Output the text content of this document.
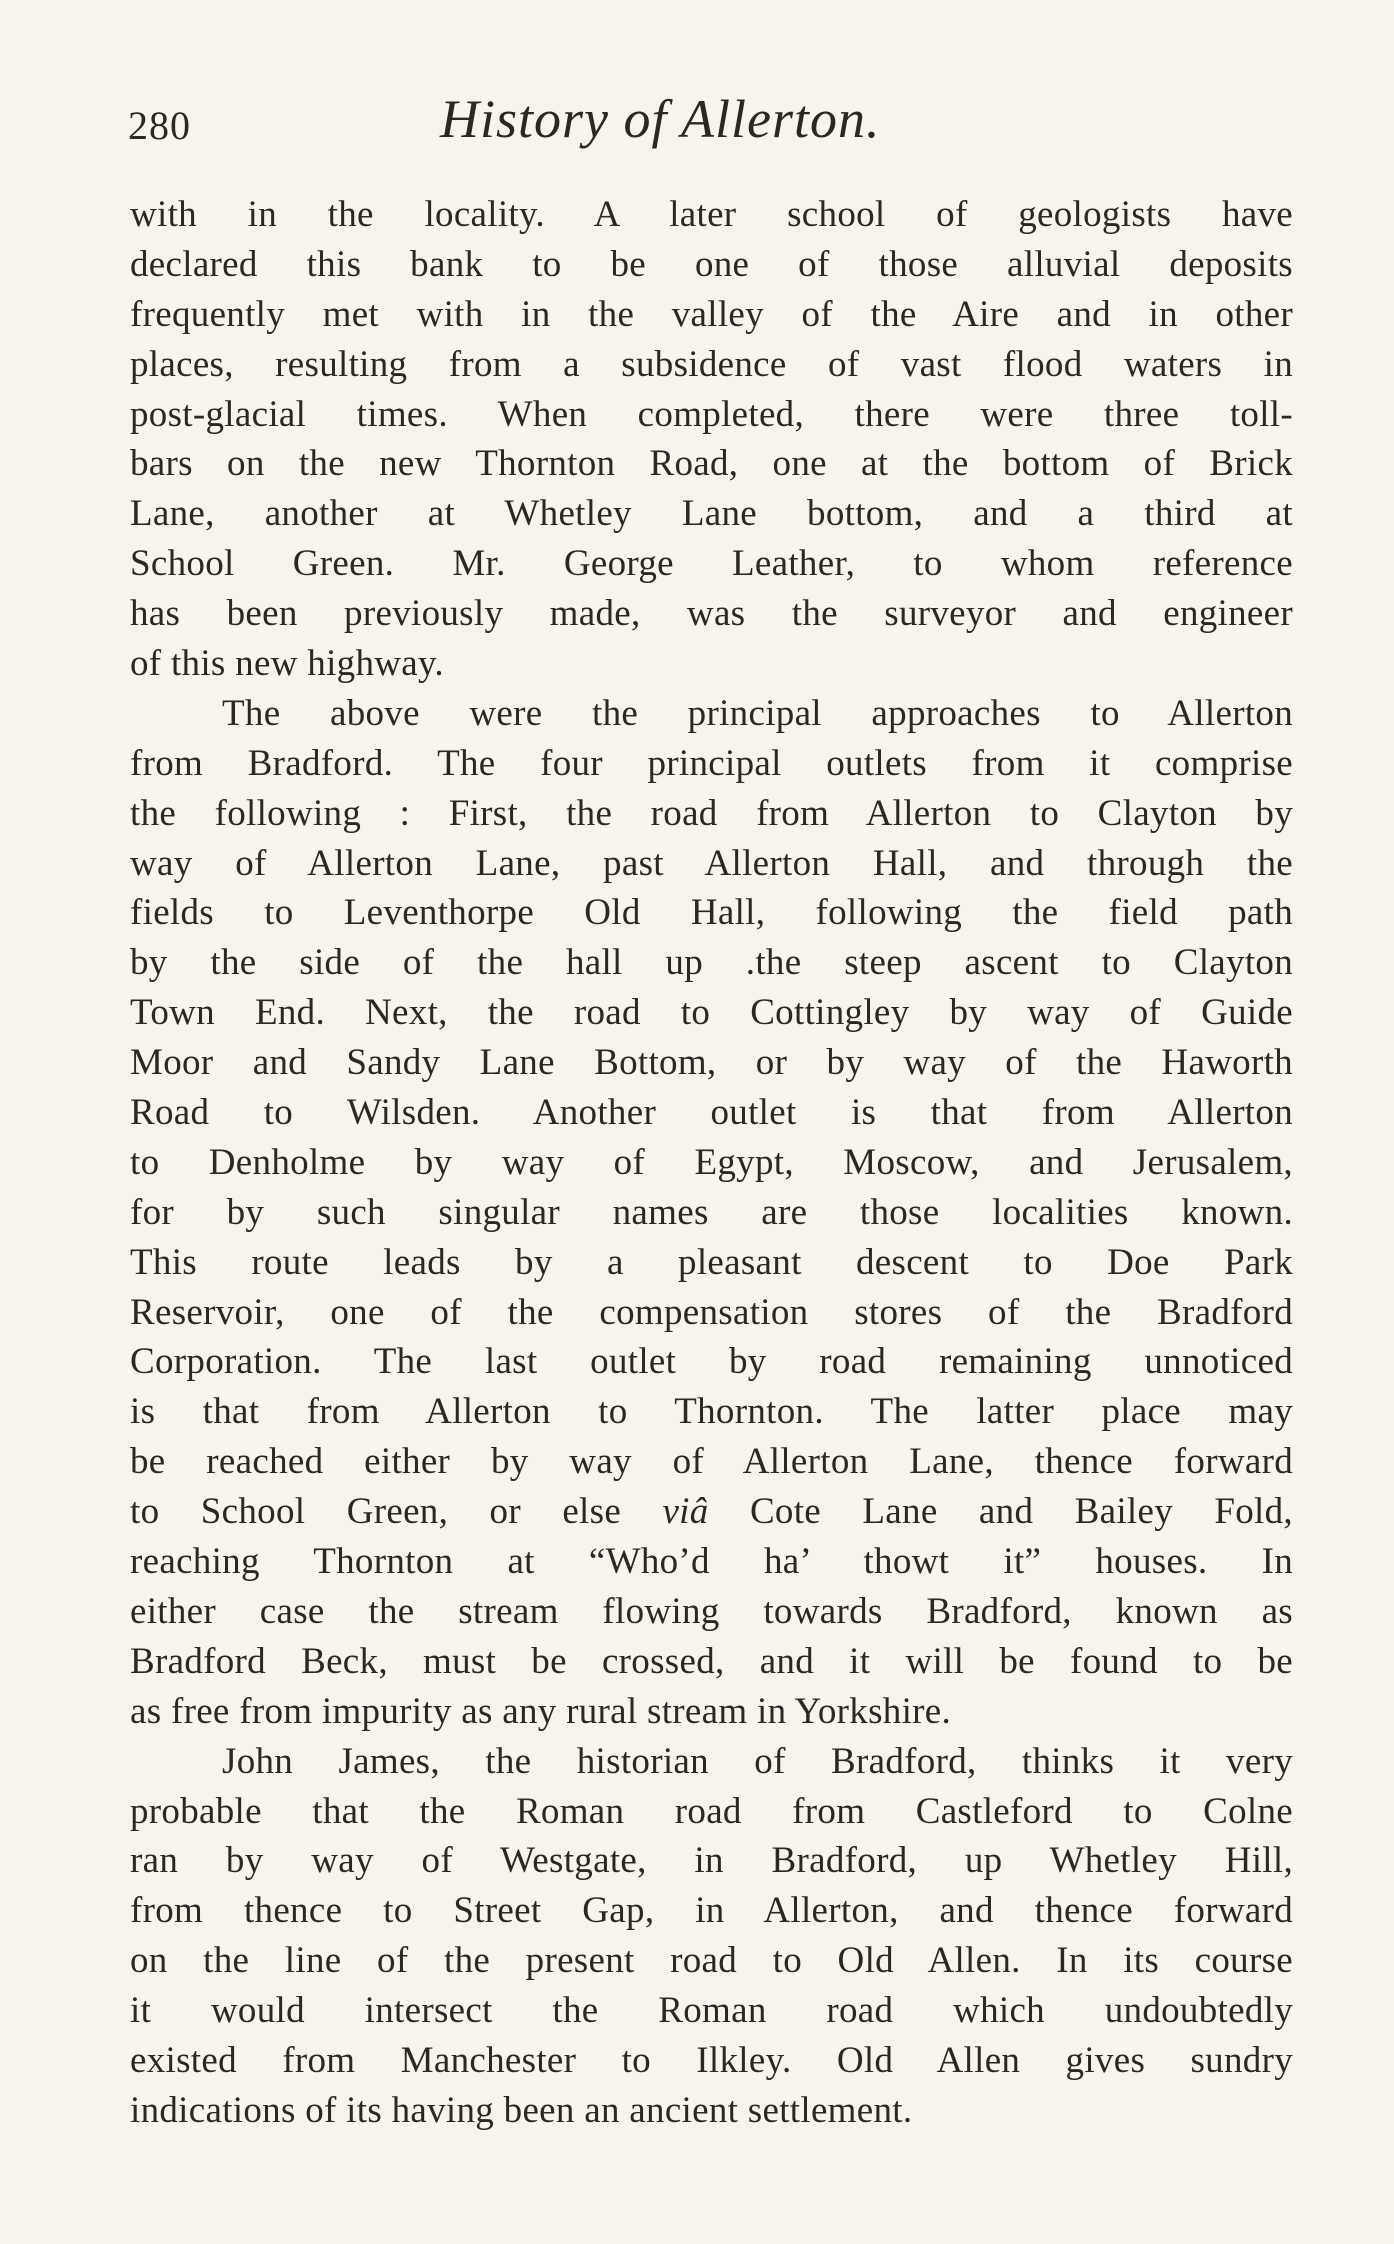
280	History of Allerton.
with in the locality. A later school of geologists have
declared this bank to be one of those alluvial deposits
frequently met with in the valley of the Aire and in other
places, resulting from a subsidence of vast flood waters in
post-glacial times. When completed, there were three toll-
bars on the new Thornton Road, one at the bottom of Brick
Lane, another at Whetley Lane bottom, and a third at
School Green. Mr. George Leather, to whom reference
has been previously made, was the surveyor and engineer
of this new highway.
The above were the principal approaches to Allerton
from Bradford. The four principal outlets from it comprise
the following : First, the road from Allerton to Clayton by
way of Allerton Lane, past Allerton Hall, and through the
fields to Leventhorpe Old Hall, following the field path
by the side of the hall up .the steep ascent to Clayton
Town End. Next, the road to Cottingley by way of Guide
Moor and Sandy Lane Bottom, or by way of the Haworth
Road to Wilsden. Another outlet is that from Allerton
to Denholme by way of Egypt, Moscow, and Jerusalem,
for by such singular names are those localities known.
This route leads by a pleasant descent to Doe Park
Reservoir, one of the compensation stores of the Bradford
Corporation. The last outlet by road remaining unnoticed
is that from Allerton to Thornton. The latter place may
be reached either by way of Allerton Lane, thence forward
to School Green, or else viâ Cote Lane and Bailey Fold,
reaching Thornton at “Who’d ha’ thowt it” houses. In
either case the stream flowing towards Bradford, known as
Bradford Beck, must be crossed, and it will be found to be
as free from impurity as any rural stream in Yorkshire.
John James, the historian of Bradford, thinks it very
probable that the Roman road from Castleford to Colne
ran by way of Westgate, in Bradford, up Whetley Hill,
from thence to Street Gap, in Allerton, and thence forward
on the line of the present road to Old Allen. In its course
it would intersect the Roman road which undoubtedly
existed from Manchester to Ilkley. Old Allen gives sundry
indications of its having been an ancient settlement.
